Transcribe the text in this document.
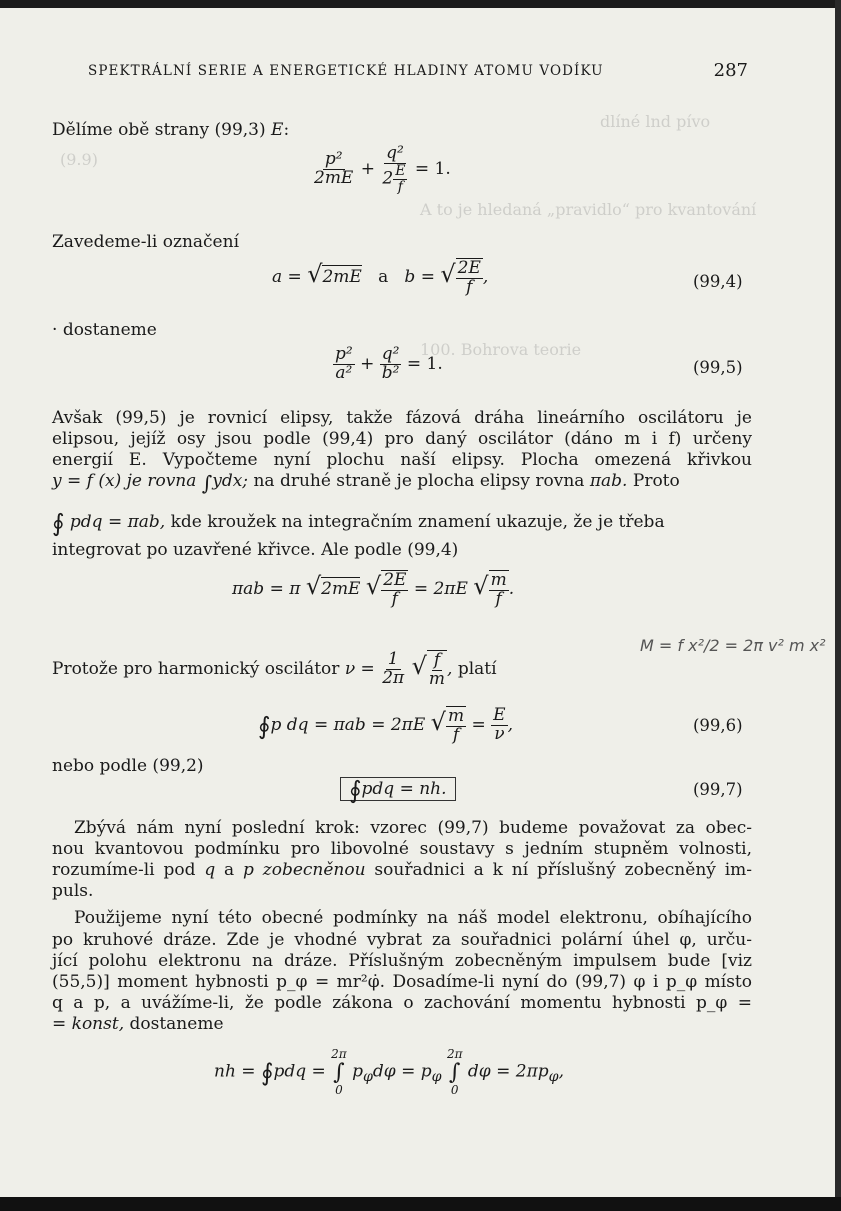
dlíné lnd pívo
(9.9)
A to je hledaná „pravidlo“ pro kvantování
100. Bohrova teorie
SPEKTRÁLNÍ SERIE A ENERGETICKÉ HLADINY ATOMU VODÍKU	287
Dělíme obě strany (99,3) E:
$\frac{\text{p²}}{2mE} + \frac{\text{q²}}{2 \frac{E}{f}} = 1$.
Zavedeme-li označení
a = √2mE a   b = √ $\frac{2E}{f}$ ,	(99,4)
· dostaneme
$\frac{\text{p²}}{\text{a²}} + \frac{\text{q²}}{\text{b²}} = 1$.	(99,5)
Avšak (99,5) je rovnicí elipsy, takže fázová dráha lineárního oscilátoru je
elipsou, jejíž osy jsou podle (99,4) pro daný oscilátor (dáno m i f) určeny
energií E. Vypočteme nyní plochu naší elipsy. Plocha omezená křivkou
y = f (x) je rovna ∫ydx; na druhé straně je plocha elipsy rovna πab. Proto
∮ pdq = πab, kde kroužek na integračním znamení ukazuje, že je třeba
integrovat po uzavřené křivce. Ale podle (99,4)
πab = π √2mE √ $\frac{2E}{f} = 2\pi E$ √ $\frac{m}{f}$ .
Protože pro harmonický oscilátor $\nu = \frac{1}{2\pi}$ √ $\frac{f}{m}$ , platí
M = f x²/2 = 2π v² m x²
∮p dq = πab = 2πE √ $\frac{m}{f} = \frac{E}{\nu}$ ,	(99,6)
nebo podle (99,2)
∮pdq = nh.	(99,7)
Zbývá nám nyní poslední krok: vzorec (99,7) budeme považovat za obec-
nou kvantovou podmínku pro libovolné soustavy s jedním stupněm volnosti,
rozumíme-li pod q a p zobecněnou souřadnici a k ní příslušný zobecněný im-
puls.
Použijeme nyní této obecné podmínky na náš model elektronu, obíhajícího
po kruhové dráze. Zde je vhodné vybrat za souřadnici polární úhel φ, urču-
jící polohu elektronu na dráze. Příslušným zobecněným impulsem bude [viz
(55,5)] moment hybnosti p_φ = mr²φ̇. Dosadíme-li nyní do (99,7) φ i p_φ místo
q a p, a uvážíme-li, že podle zákona o zachování momentu hybnosti p_φ =
= konst, dostaneme
nh = ∮pdq =
2π
∫
0
$p_\varphi d\varphi = p_\varphi$
2π
∫
0
$d\varphi = 2\pi p_\varphi$,
